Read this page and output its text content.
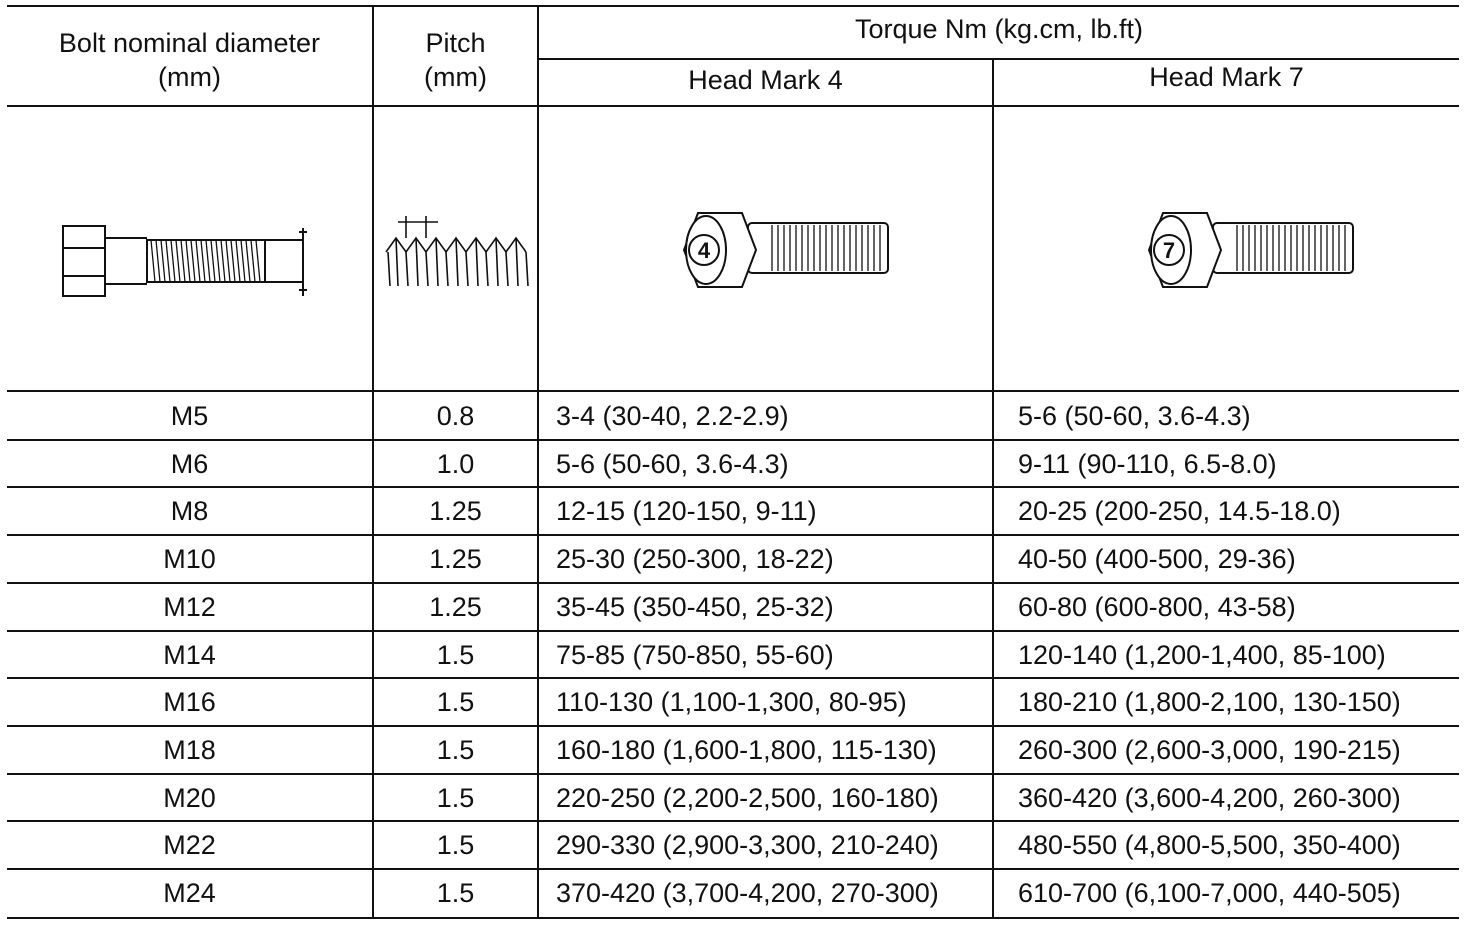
Bolt nominal diameter
(mm)
Pitch
(mm)
Torque Nm (kg.cm, lb.ft)
Head Mark 4	Head Mark 7
4	7
M5	0.8	3-4 (30-40, 2.2-2.9)	5-6 (50-60, 3.6-4.3)
M6	1.0	5-6 (50-60, 3.6-4.3)	9-11 (90-110, 6.5-8.0)
M8	1.25	12-15 (120-150, 9-11)	20-25 (200-250, 14.5-18.0)
M10	1.25	25-30 (250-300, 18-22)	40-50 (400-500, 29-36)
M12	1.25	35-45 (350-450, 25-32)	60-80 (600-800, 43-58)
M14	1.5	75-85 (750-850, 55-60)	120-140 (1,200-1,400, 85-100)
M16	1.5	110-130 (1,100-1,300, 80-95)	180-210 (1,800-2,100, 130-150)
M18	1.5	160-180 (1,600-1,800, 115-130)	260-300 (2,600-3,000, 190-215)
M20	1.5	220-250 (2,200-2,500, 160-180)	360-420 (3,600-4,200, 260-300)
M22	1.5	290-330 (2,900-3,300, 210-240)	480-550 (4,800-5,500, 350-400)
M24	1.5	370-420 (3,700-4,200, 270-300)	610-700 (6,100-7,000, 440-505)
